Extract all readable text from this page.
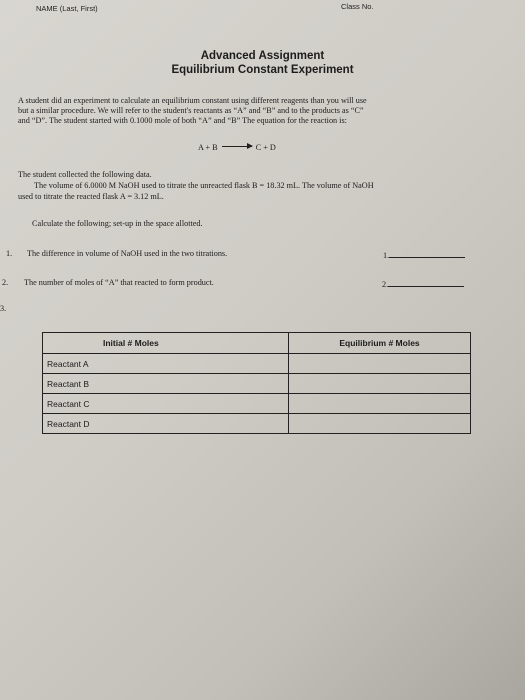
NAME (Last, First)	Class No.
Advanced Assignment
Equilibrium Constant Experiment
A student did an experiment to calculate an equilibrium constant using different reagents than you will use
but a similar procedure. We will refer to the student's reactants as “A” and “B” and to the products as “C”
and “D”. The student started with 0.1000 mole of both “A” and “B” The equation for the reaction is:
A + B → C + D
The student collected the following data.
The volume of 6.0000 M NaOH used to titrate the unreacted flask B = 18.32 mL. The volume of NaOH
used to titrate the reacted flask A = 3.12 mL.
Calculate the following; set-up in the space allotted.
1. The difference in volume of NaOH used in the two titrations.	1.
2. The number of moles of “A” that reacted to form product.	2.
3.
Initial # Moles	Equilibrium # Moles
Reactant A	
Reactant B	
Reactant C	
Reactant D	
